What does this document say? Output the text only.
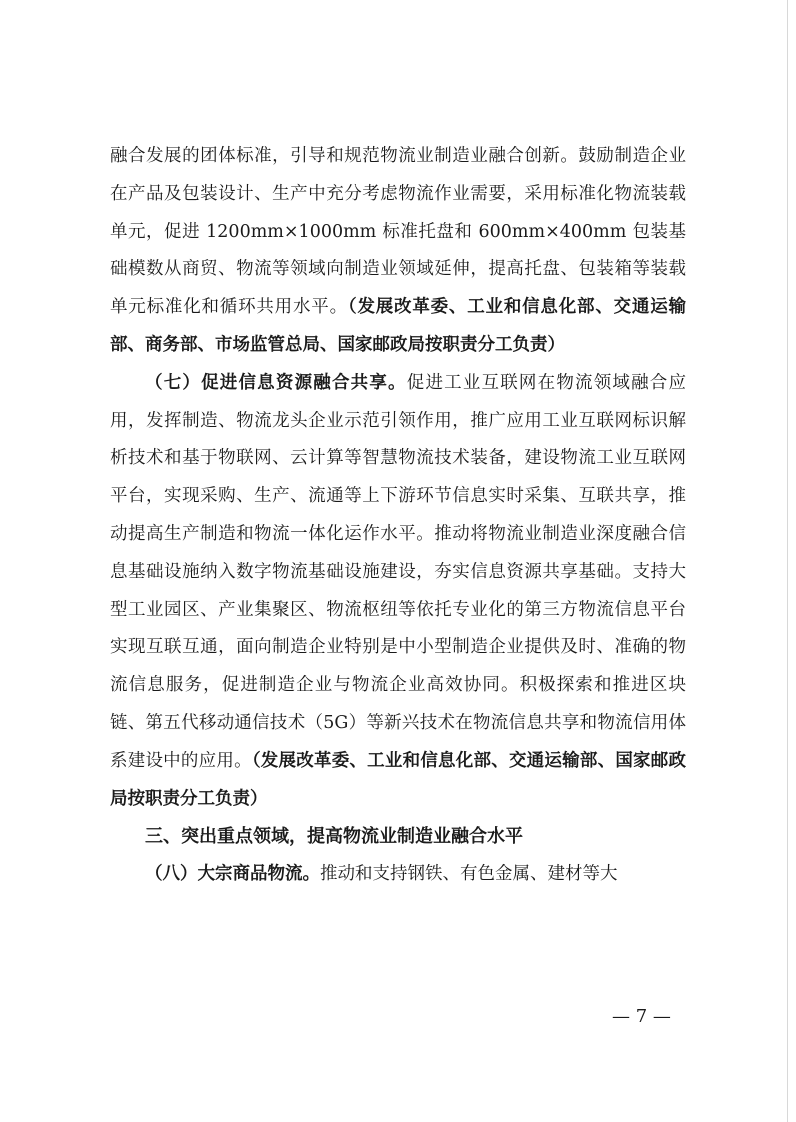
融合发展的团体标准，引导和规范物流业制造业融合创新。鼓励制造企业在产品及包装设计、生产中充分考虑物流作业需要，采用标准化物流装载单元，促进 1200mm×1000mm 标准托盘和 600mm×400mm 包装基础模数从商贸、物流等领域向制造业领域延伸，提高托盘、包装箱等装载单元标准化和循环共用水平。（发展改革委、工业和信息化部、交通运输部、商务部、市场监管总局、国家邮政局按职责分工负责）

（七）促进信息资源融合共享。促进工业互联网在物流领域融合应用，发挥制造、物流龙头企业示范引领作用，推广应用工业互联网标识解析技术和基于物联网、云计算等智慧物流技术装备，建设物流工业互联网平台，实现采购、生产、流通等上下游环节信息实时采集、互联共享，推动提高生产制造和物流一体化运作水平。推动将物流业制造业深度融合信息基础设施纳入数字物流基础设施建设，夯实信息资源共享基础。支持大型工业园区、产业集聚区、物流枢纽等依托专业化的第三方物流信息平台实现互联互通，面向制造企业特别是中小型制造企业提供及时、准确的物流信息服务，促进制造企业与物流企业高效协同。积极探索和推进区块链、第五代移动通信技术（5G）等新兴技术在物流信息共享和物流信用体系建设中的应用。（发展改革委、工业和信息化部、交通运输部、国家邮政局按职责分工负责）

三、突出重点领域，提高物流业制造业融合水平

（八）大宗商品物流。推动和支持钢铁、有色金属、建材等大

— 7 —
